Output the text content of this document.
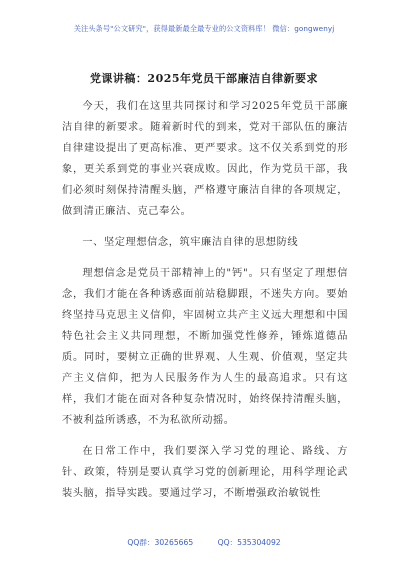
关注头条号"公文研究"，获得最新最全最专业的公文资料库！ 微信：gongwenyj
党课讲稿：2025年党员干部廉洁自律新要求

今天，我们在这里共同探讨和学习2025年党员干部廉洁自律的新要求。随着新时代的到来，党对干部队伍的廉洁自律建设提出了更高标准、更严要求。这不仅关系到党的形象，更关系到党的事业兴衰成败。因此，作为党员干部，我们必须时刻保持清醒头脑，严格遵守廉洁自律的各项规定，做到清正廉洁、克己奉公。

一、坚定理想信念，筑牢廉洁自律的思想防线

理想信念是党员干部精神上的"钙"。只有坚定了理想信念，我们才能在各种诱惑面前站稳脚跟，不迷失方向。要始终坚持马克思主义信仰，牢固树立共产主义远大理想和中国特色社会主义共同理想，不断加强党性修养，锤炼道德品质。同时，要树立正确的世界观、人生观、价值观，坚定共产主义信仰，把为人民服务作为人生的最高追求。只有这样，我们才能在面对各种复杂情况时，始终保持清醒头脑，不被利益所诱惑，不为私欲所动摇。

在日常工作中，我们要深入学习党的理论、路线、方针、政策，特别是要认真学习党的创新理论，用科学理论武装头脑，指导实践。要通过学习，不断增强政治敏锐性

QQ群：30265665	QQ：535304092
